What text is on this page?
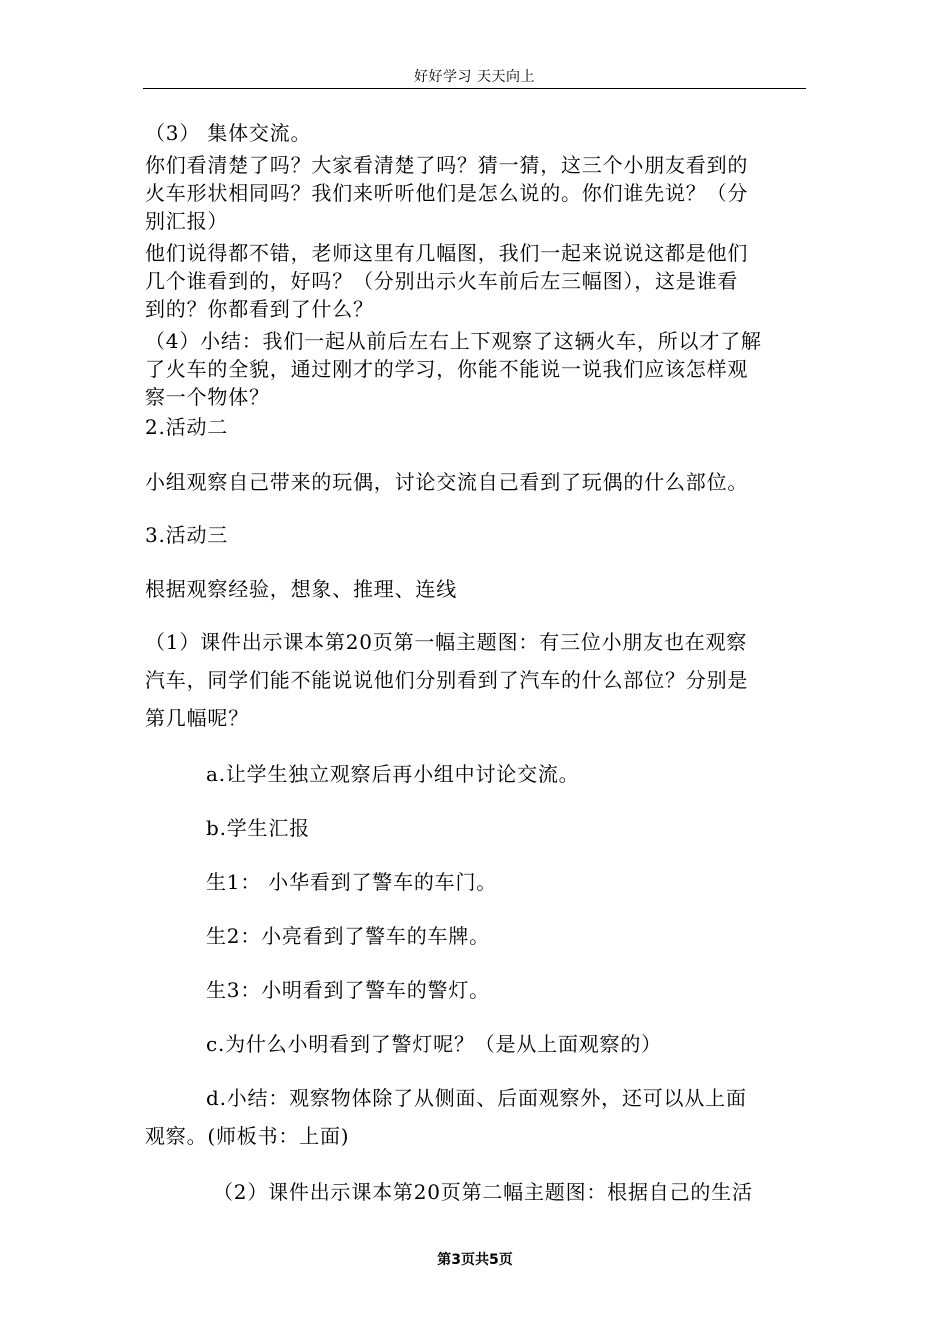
好好学习 天天向上
（3） 集体交流。
你们看清楚了吗？大家看清楚了吗？猜一猜，这三个小朋友看到的
火车形状相同吗？我们来听听他们是怎么说的。你们谁先说？（分
别汇报）
他们说得都不错，老师这里有几幅图，我们一起来说说这都是他们
几个谁看到的，好吗？（分别出示火车前后左三幅图），这是谁看
到的？你都看到了什么？
（4）小结：我们一起从前后左右上下观察了这辆火车，所以才了解
了火车的全貌，通过刚才的学习，你能不能说一说我们应该怎样观
察一个物体？
2.活动二
小组观察自己带来的玩偶，讨论交流自己看到了玩偶的什么部位。
3.活动三
根据观察经验，想象、推理、连线
（1）课件出示课本第20页第一幅主题图：有三位小朋友也在观察
汽车，同学们能不能说说他们分别看到了汽车的什么部位？分别是
第几幅呢？
a.让学生独立观察后再小组中讨论交流。
b.学生汇报
生1： 小华看到了警车的车门。
生2：小亮看到了警车的车牌。
生3：小明看到了警车的警灯。
c.为什么小明看到了警灯呢？（是从上面观察的）
d.小结：观察物体除了从侧面、后面观察外，还可以从上面
观察。(师板书：上面)
（2）课件出示课本第20页第二幅主题图：根据自己的生活
第3页共5页
